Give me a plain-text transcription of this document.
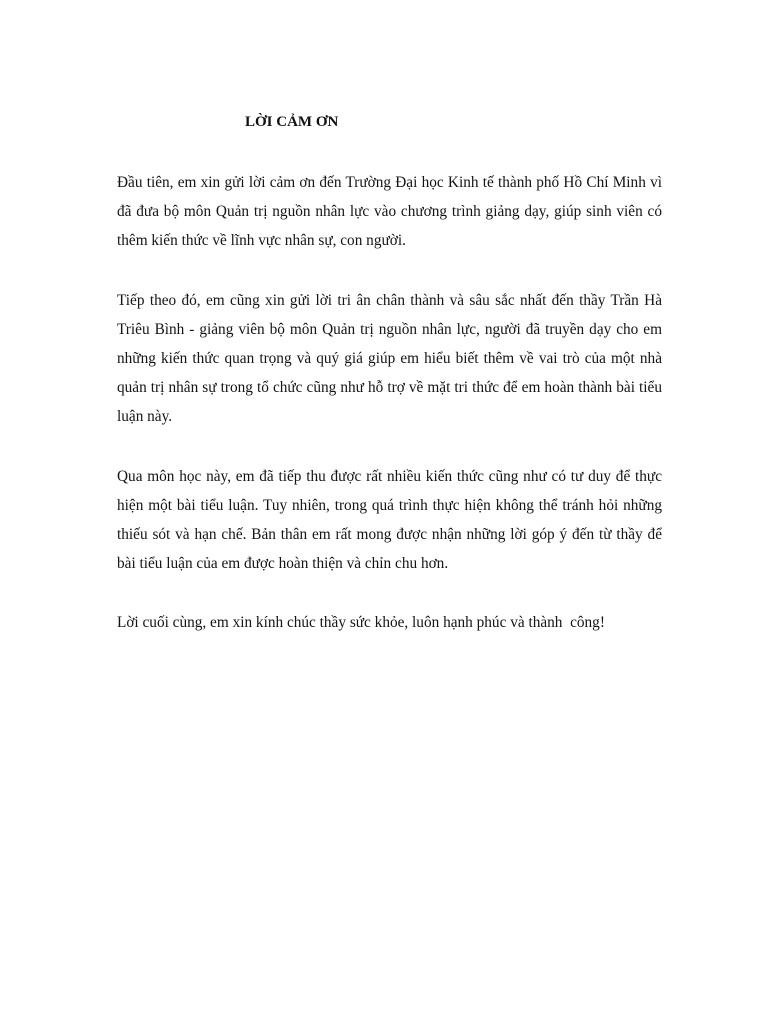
LỜI CẢM ƠN

Đầu tiên, em xin gửi lời cảm ơn đến Trường Đại học Kinh tế thành phố Hồ Chí Minh vì đã đưa bộ môn Quản trị nguồn nhân lực vào chương trình giảng dạy, giúp sinh viên có thêm kiến thức về lĩnh vực nhân sự, con người.

Tiếp theo đó, em cũng xin gửi lời tri ân chân thành và sâu sắc nhất đến thầy Trần Hà Triêu Bình - giảng viên bộ môn Quản trị nguồn nhân lực, người đã truyền dạy cho em những kiến thức quan trọng và quý giá giúp em hiểu biết thêm về vai trò của một nhà quản trị nhân sự trong tổ chức cũng như hỗ trợ về mặt tri thức để em hoàn thành bài tiểu luận này.

Qua môn học này, em đã tiếp thu được rất nhiều kiến thức cũng như có tư duy để thực hiện một bài tiểu luận. Tuy nhiên, trong quá trình thực hiện không thể tránh hỏi những thiếu sót và hạn chế. Bản thân em rất mong được nhận những lời góp ý đến từ thầy để bài tiểu luận của em được hoàn thiện và chỉn chu hơn.

Lời cuối cùng, em xin kính chúc thầy sức khỏe, luôn hạnh phúc và thành  công!
